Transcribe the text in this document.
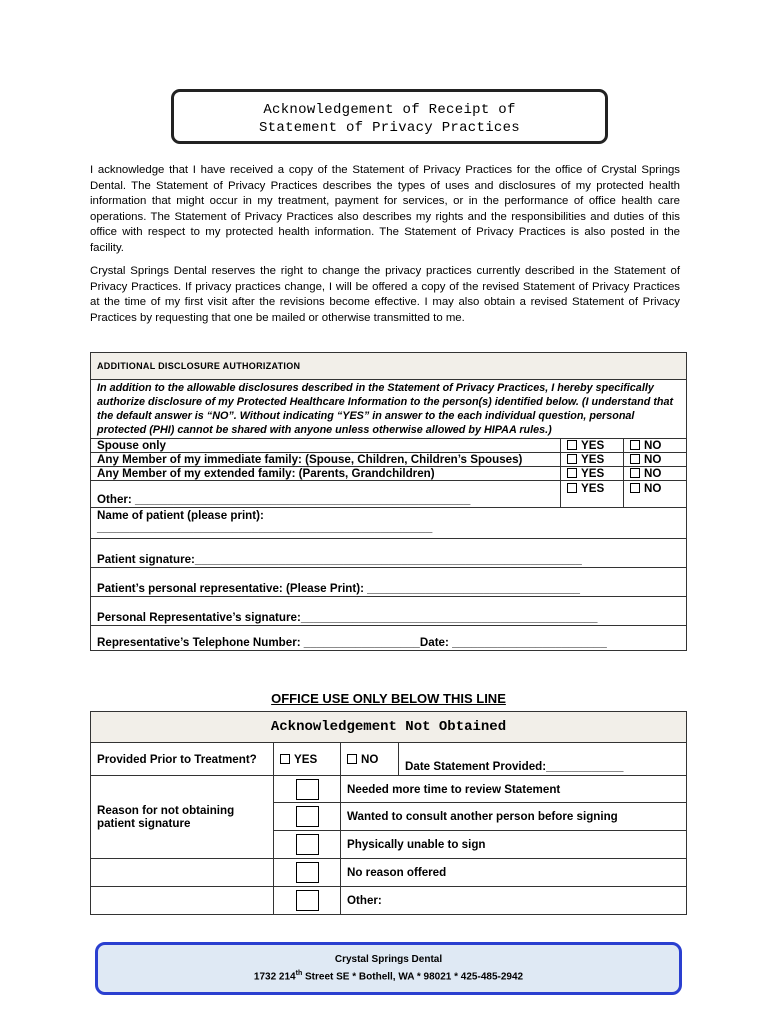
Acknowledgement of Receipt of
Statement of Privacy Practices
I acknowledge that I have received a copy of the Statement of Privacy Practices for the office of Crystal Springs Dental. The Statement of Privacy Practices describes the types of uses and disclosures of my protected health information that might occur in my treatment, payment for services, or in the performance of office health care operations. The Statement of Privacy Practices also describes my rights and the responsibilities and duties of this office with respect to my protected health information. The Statement of Privacy Practices is also posted in the facility.
Crystal Springs Dental reserves the right to change the privacy practices currently described in the Statement of Privacy Practices. If privacy practices change, I will be offered a copy of the revised Statement of Privacy Practices at the time of my first visit after the revisions become effective. I may also obtain a revised Statement of Privacy Practices by requesting that one be mailed or otherwise transmitted to me.
ADDITIONAL DISCLOSURE AUTHORIZATION		
In addition to the allowable disclosures described in the Statement of Privacy Practices, I hereby specifically authorize disclosure of my Protected Healthcare Information to the person(s) identified below. (I understand that the default answer is “NO”. Without indicating “YES” in answer to the each individual question, personal protected (PHI) cannot be shared with anyone unless otherwise allowed by HIPAA rules.)		
Spouse only	YES	NO
Any Member of my immediate family: (Spouse, Children, Children’s Spouses)	YES	NO
Any Member of my extended family: (Parents, Grandchildren)	YES	NO
Other: ____________________________________________________	YES	NO

Name of patient (please print):
____________________________________________________		

Patient signature:____________________________________________________________		
Patient’s personal representative: (Please Print): _________________________________		
Personal Representative’s signature:______________________________________________		
Representative’s Telephone Number: __________________Date: ________________________		
OFFICE USE ONLY BELOW THIS LINE
Acknowledgement Not Obtained			
Provided Prior to Treatment?	YES	NO	Date Statement Provided:____________
Reason for not obtaining patient signature		Needed more time to review Statement	
		Wanted to consult another person before signing	
		Physically unable to sign	
		No reason offered	
		Other:	
Crystal Springs Dental
1732 214th Street SE * Bothell, WA * 98021 * 425-485-2942
